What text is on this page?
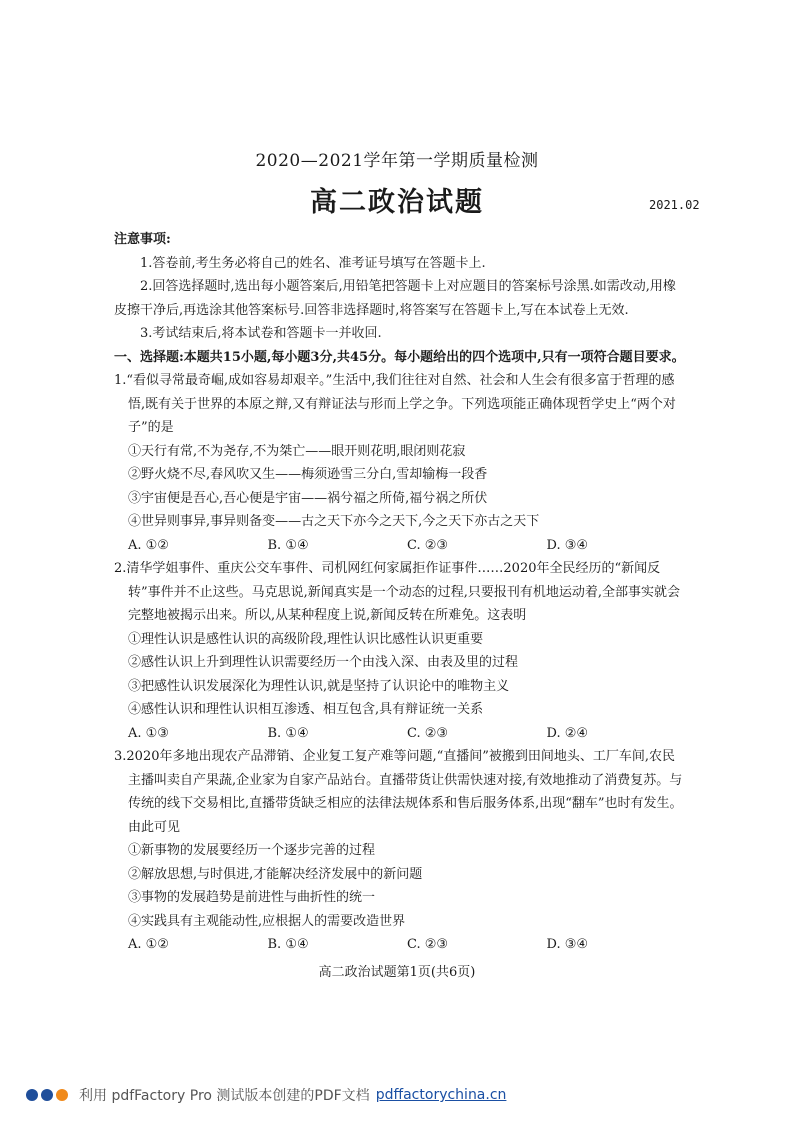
2020—2021学年第一学期质量检测
高二政治试题	2021.02

注意事项:

1.答卷前,考生务必将自己的姓名、准考证号填写在答题卡上.

2.回答选择题时,选出每小题答案后,用铅笔把答题卡上对应题目的答案标号涂黑.如需改动,用橡皮擦干净后,再选涂其他答案标号.回答非选择题时,将答案写在答题卡上,写在本试卷上无效.

3.考试结束后,将本试卷和答题卡一并收回.

一、选择题:本题共15小题,每小题3分,共45分。每小题给出的四个选项中,只有一项符合题目要求。

1.“看似寻常最奇崛,成如容易却艰辛。”生活中,我们往往对自然、社会和人生会有很多富于哲理的感悟,既有关于世界的本原之辩,又有辩证法与形而上学之争。下列选项能正确体现哲学史上“两个对子”的是

①天行有常,不为尧存,不为桀亡——眼开则花明,眼闭则花寂

②野火烧不尽,春风吹又生——梅须逊雪三分白,雪却输梅一段香

③宇宙便是吾心,吾心便是宇宙——祸兮福之所倚,福兮祸之所伏

④世异则事异,事异则备变——古之天下亦今之天下,今之天下亦古之天下

A. ①②	B. ①④	C. ②③	D. ③④

2.清华学姐事件、重庆公交车事件、司机网红何家属拒作证事件……2020年全民经历的“新闻反转”事件并不止这些。马克思说,新闻真实是一个动态的过程,只要报刊有机地运动着,全部事实就会完整地被揭示出来。所以,从某种程度上说,新闻反转在所难免。这表明

①理性认识是感性认识的高级阶段,理性认识比感性认识更重要

②感性认识上升到理性认识需要经历一个由浅入深、由表及里的过程

③把感性认识发展深化为理性认识,就是坚持了认识论中的唯物主义

④感性认识和理性认识相互渗透、相互包含,具有辩证统一关系

A. ①③	B. ①④	C. ②③	D. ②④

3.2020年多地出现农产品滞销、企业复工复产难等问题,“直播间”被搬到田间地头、工厂车间,农民主播叫卖自产果蔬,企业家为自家产品站台。直播带货让供需快速对接,有效地推动了消费复苏。与传统的线下交易相比,直播带货缺乏相应的法律法规体系和售后服务体系,出现“翻车”也时有发生。由此可见

①新事物的发展要经历一个逐步完善的过程

②解放思想,与时俱进,才能解决经济发展中的新问题

③事物的发展趋势是前进性与曲折性的统一

④实践具有主观能动性,应根据人的需要改造世界

A. ①②	B. ①④	C. ②③	D. ③④
高二政治试题第1页(共6页)
利用 pdfFactory Pro 测试版本创建的PDF文档 pdffactorychina.cn
